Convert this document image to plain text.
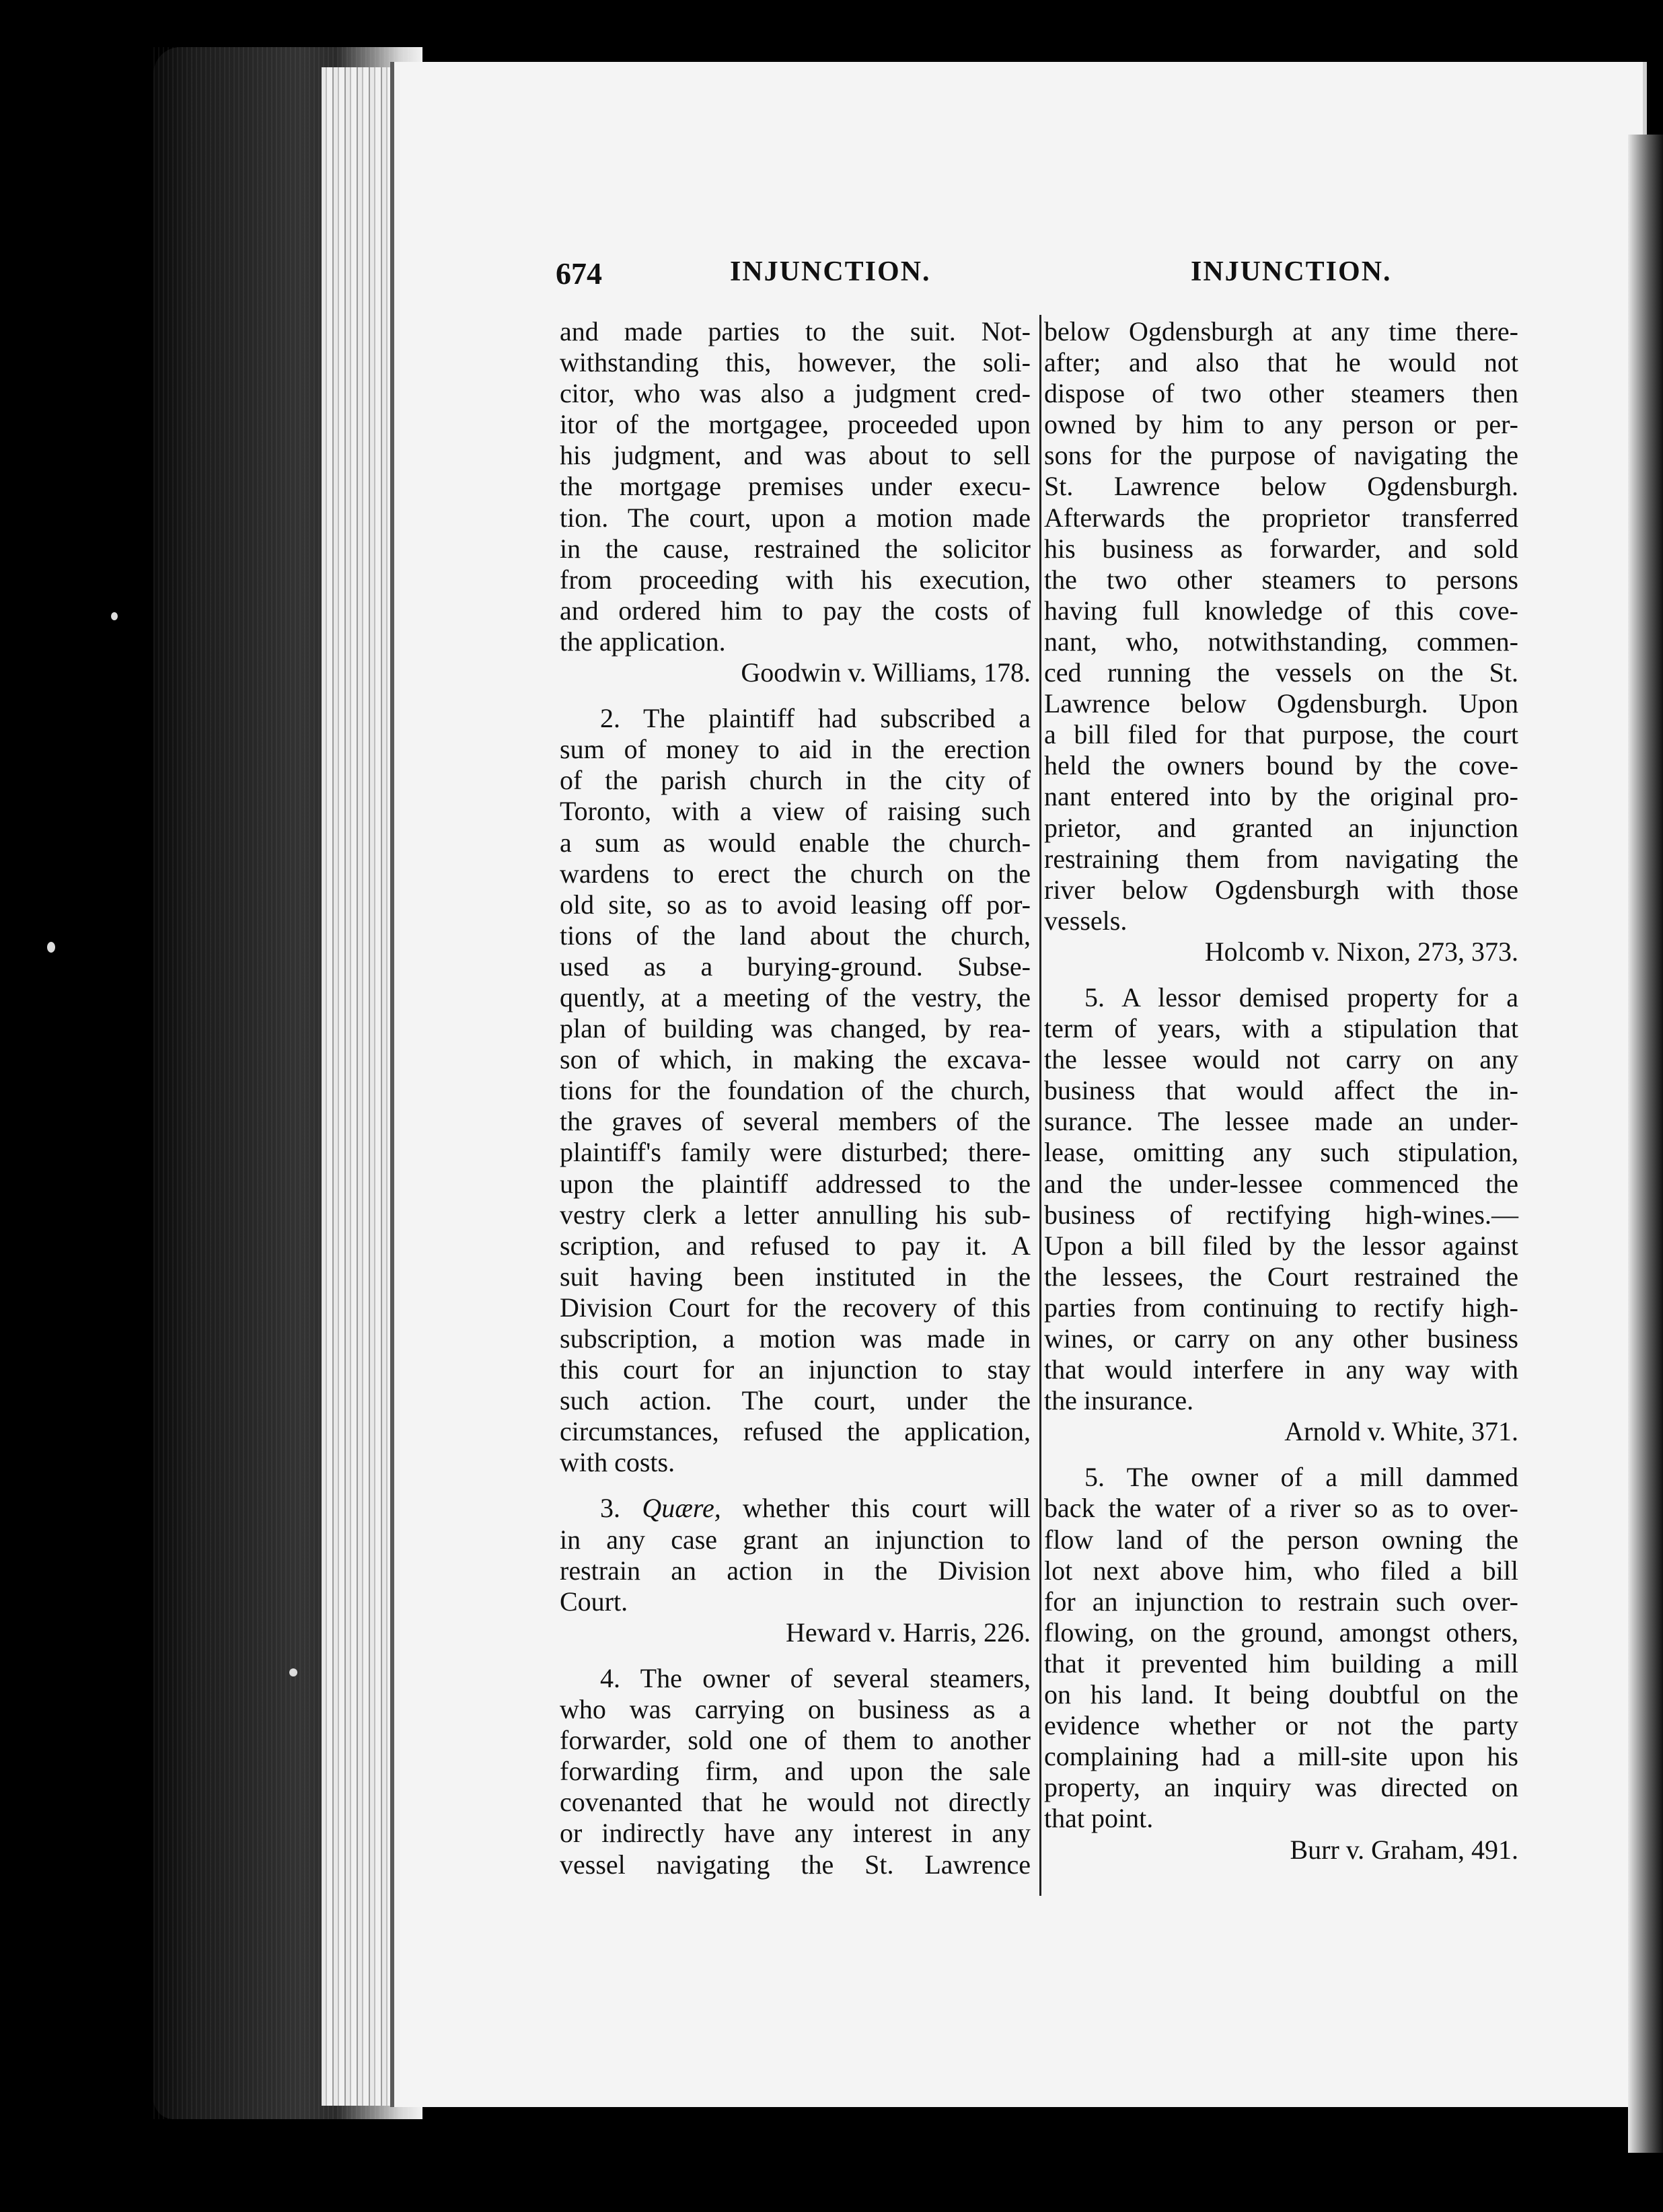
674	INJUNCTION.	INJUNCTION.
and made parties to the suit. Not-
withstanding this, however, the soli-
citor, who was also a judgment cred-
itor of the mortgagee, proceeded upon
his judgment, and was about to sell
the mortgage premises under execu-
tion. The court, upon a motion made
in the cause, restrained the solicitor
from proceeding with his execution,
and ordered him to pay the costs of
the application.
Goodwin v. Williams, 178.
2. The plaintiff had subscribed a
sum of money to aid in the erection
of the parish church in the city of
Toronto, with a view of raising such
a sum as would enable the church-
wardens to erect the church on the
old site, so as to avoid leasing off por-
tions of the land about the church,
used as a burying-ground. Subse-
quently, at a meeting of the vestry, the
plan of building was changed, by rea-
son of which, in making the excava-
tions for the foundation of the church,
the graves of several members of the
plaintiff's family were disturbed; there-
upon the plaintiff addressed to the
vestry clerk a letter annulling his sub-
scription, and refused to pay it. A
suit having been instituted in the
Division Court for the recovery of this
subscription, a motion was made in
this court for an injunction to stay
such action. The court, under the
circumstances, refused the application,
with costs.
3. Quære, whether this court will
in any case grant an injunction to
restrain an action in the Division
Court.
Heward v. Harris, 226.
4. The owner of several steamers,
who was carrying on business as a
forwarder, sold one of them to another
forwarding firm, and upon the sale
covenanted that he would not directly
or indirectly have any interest in any
vessel navigating the St. Lawrence
below Ogdensburgh at any time there-
after; and also that he would not
dispose of two other steamers then
owned by him to any person or per-
sons for the purpose of navigating the
St. Lawrence below Ogdensburgh.
Afterwards the proprietor transferred
his business as forwarder, and sold
the two other steamers to persons
having full knowledge of this cove-
nant, who, notwithstanding, commen-
ced running the vessels on the St.
Lawrence below Ogdensburgh. Upon
a bill filed for that purpose, the court
held the owners bound by the cove-
nant entered into by the original pro-
prietor, and granted an injunction
restraining them from navigating the
river below Ogdensburgh with those
vessels.
Holcomb v. Nixon, 273, 373.
5. A lessor demised property for a
term of years, with a stipulation that
the lessee would not carry on any
business that would affect the in-
surance. The lessee made an under-
lease, omitting any such stipulation,
and the under-lessee commenced the
business of rectifying high-wines.—
Upon a bill filed by the lessor against
the lessees, the Court restrained the
parties from continuing to rectify high-
wines, or carry on any other business
that would interfere in any way with
the insurance.
Arnold v. White, 371.
5. The owner of a mill dammed
back the water of a river so as to over-
flow land of the person owning the
lot next above him, who filed a bill
for an injunction to restrain such over-
flowing, on the ground, amongst others,
that it prevented him building a mill
on his land. It being doubtful on the
evidence whether or not the party
complaining had a mill-site upon his
property, an inquiry was directed on
that point.
Burr v. Graham, 491.
